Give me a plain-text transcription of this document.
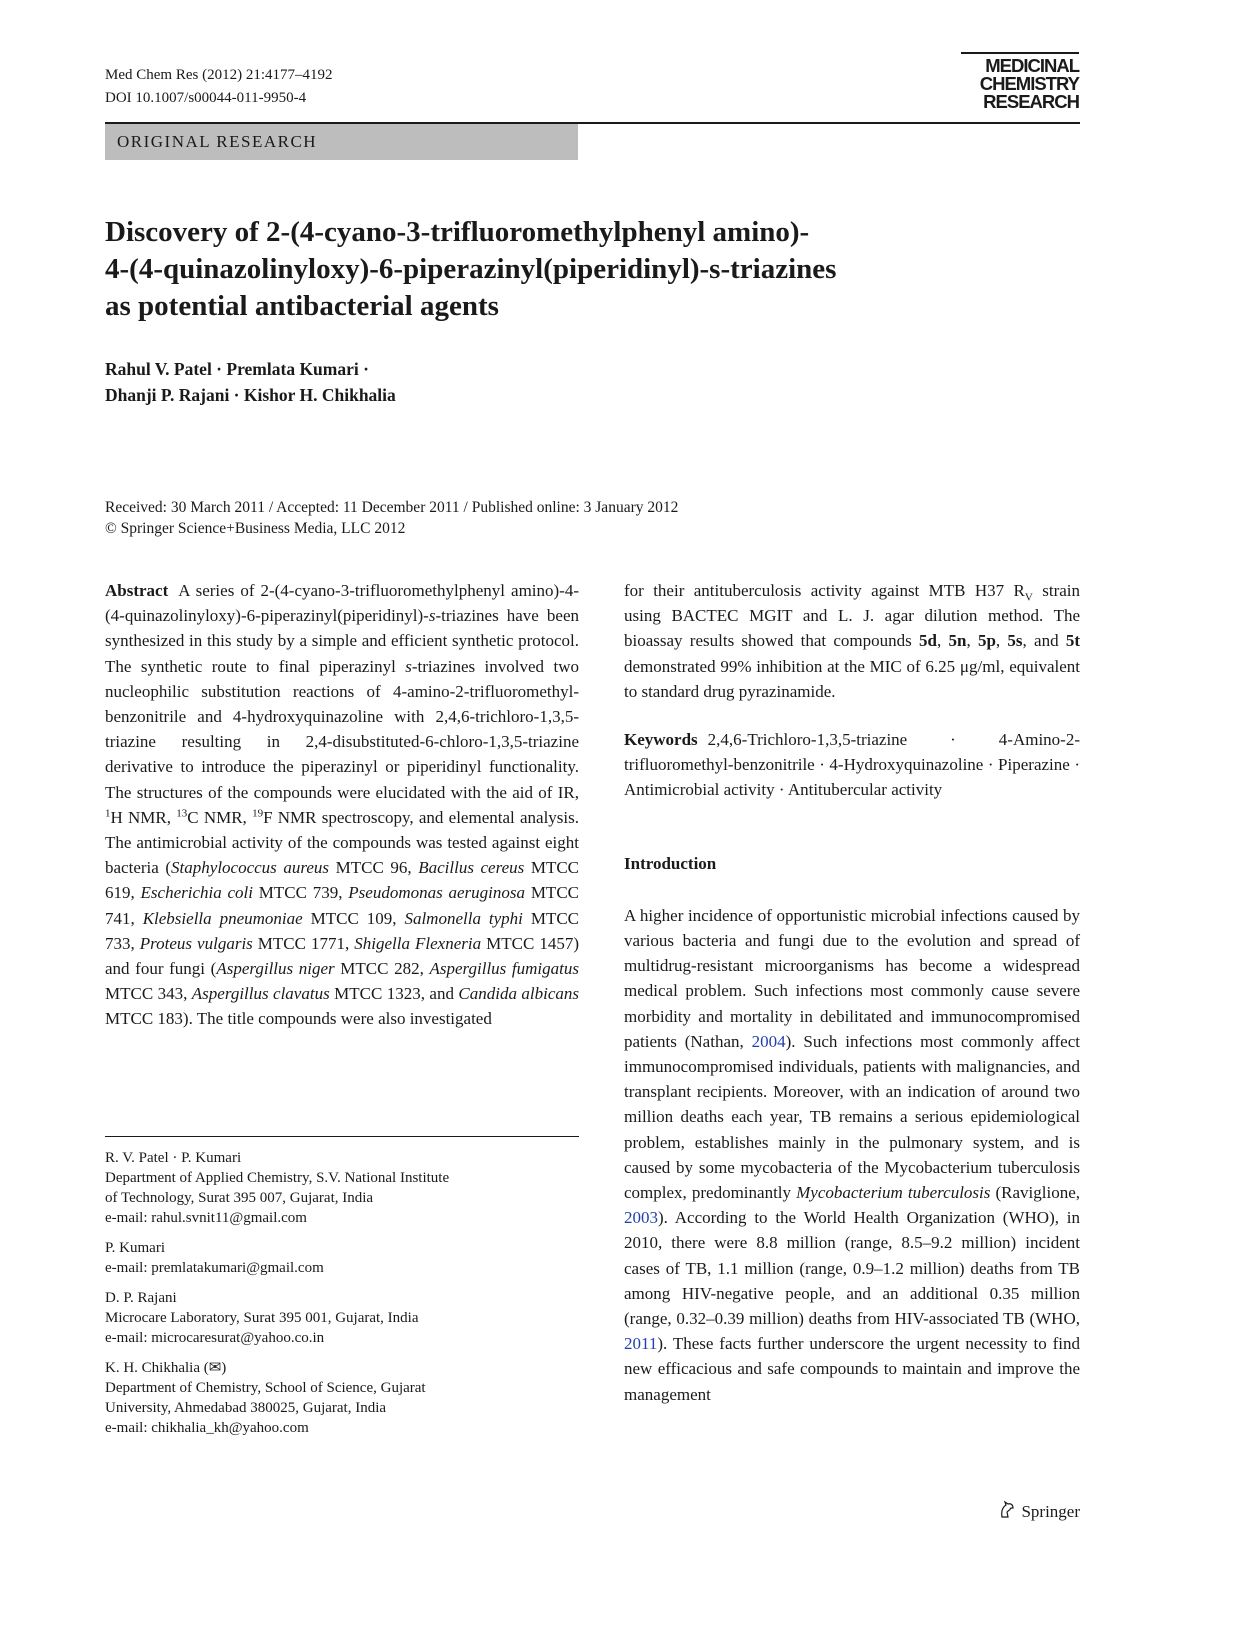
Med Chem Res (2012) 21:4177–4192
DOI 10.1007/s00044-011-9950-4
MEDICINAL
CHEMISTRY
RESEARCH
ORIGINAL RESEARCH
Discovery of 2-(4-cyano-3-trifluoromethylphenyl amino)-
4-(4-quinazolinyloxy)-6-piperazinyl(piperidinyl)-s-triazines
as potential antibacterial agents
Rahul V. Patel · Premlata Kumari ·
Dhanji P. Rajani · Kishor H. Chikhalia
Received: 30 March 2011 / Accepted: 11 December 2011 / Published online: 3 January 2012
© Springer Science+Business Media, LLC 2012

Abstract A series of 2-(4-cyano-3-trifluoromethylphenyl amino)-4-(4-quinazolinyloxy)-6-piperazinyl(piperidinyl)-s-triazines have been synthesized in this study by a simple and efficient synthetic protocol. The synthetic route to final piperazinyl s-triazines involved two nucleophilic substitution reactions of 4-amino-2-trifluoromethyl-benzonitrile and 4-hydroxyquinazoline with 2,4,6-trichloro-1,3,5-triazine resulting in 2,4-disubstituted-6-chloro-1,3,5-triazine derivative to introduce the piperazinyl or piperidinyl functionality. The structures of the compounds were elucidated with the aid of IR, $^1$H NMR, $^{13}$C NMR, $^{19}$F NMR spectroscopy, and elemental analysis. The antimicrobial activity of the compounds was tested against eight bacteria (Staphylococcus aureus MTCC 96, Bacillus cereus MTCC 619, Escherichia coli MTCC 739, Pseudomonas aeruginosa MTCC 741, Klebsiella pneumoniae MTCC 109, Salmonella typhi MTCC 733, Proteus vulgaris MTCC 1771, Shigella Flexneria MTCC 1457) and four fungi (Aspergillus niger MTCC 282, Aspergillus fumigatus MTCC 343, Aspergillus clavatus MTCC 1323, and Candida albicans MTCC 183). The title compounds were also investigated

for their antituberculosis activity against MTB H37 $R_V$ strain using BACTEC MGIT and L. J. agar dilution method. The bioassay results showed that compounds 5d, 5n, 5p, 5s, and 5t demonstrated 99% inhibition at the MIC of 6.25 μg/ml, equivalent to standard drug pyrazinamide.

Keywords 2,4,6-Trichloro-1,3,5-triazine · 4-Amino-2-trifluoromethyl-benzonitrile · 4-Hydroxyquinazoline · Piperazine · Antimicrobial activity · Antitubercular activity

Introduction

A higher incidence of opportunistic microbial infections caused by various bacteria and fungi due to the evolution and spread of multidrug-resistant microorganisms has become a widespread medical problem. Such infections most commonly cause severe morbidity and mortality in debilitated and immunocompromised patients (Nathan, 2004). Such infections most commonly affect immunocompromised individuals, patients with malignancies, and transplant recipients. Moreover, with an indication of around two million deaths each year, TB remains a serious epidemiological problem, establishes mainly in the pulmonary system, and is caused by some mycobacteria of the Mycobacterium tuberculosis complex, predominantly Mycobacterium tuberculosis (Raviglione, 2003). According to the World Health Organization (WHO), in 2010, there were 8.8 million (range, 8.5–9.2 million) incident cases of TB, 1.1 million (range, 0.9–1.2 million) deaths from TB among HIV-negative people, and an additional 0.35 million (range, 0.32–0.39 million) deaths from HIV-associated TB (WHO, 2011). These facts further underscore the urgent necessity to find new efficacious and safe compounds to maintain and improve the management

R. V. Patel · P. Kumari
Department of Applied Chemistry, S.V. National Institute
of Technology, Surat 395 007, Gujarat, India
e-mail: rahul.svnit11@gmail.com
P. Kumari
e-mail: premlatakumari@gmail.com
D. P. Rajani
Microcare Laboratory, Surat 395 001, Gujarat, India
e-mail: microcaresurat@yahoo.co.in
K. H. Chikhalia (✉)
Department of Chemistry, School of Science, Gujarat
University, Ahmedabad 380025, Gujarat, India
e-mail: chikhalia_kh@yahoo.com
Springer
